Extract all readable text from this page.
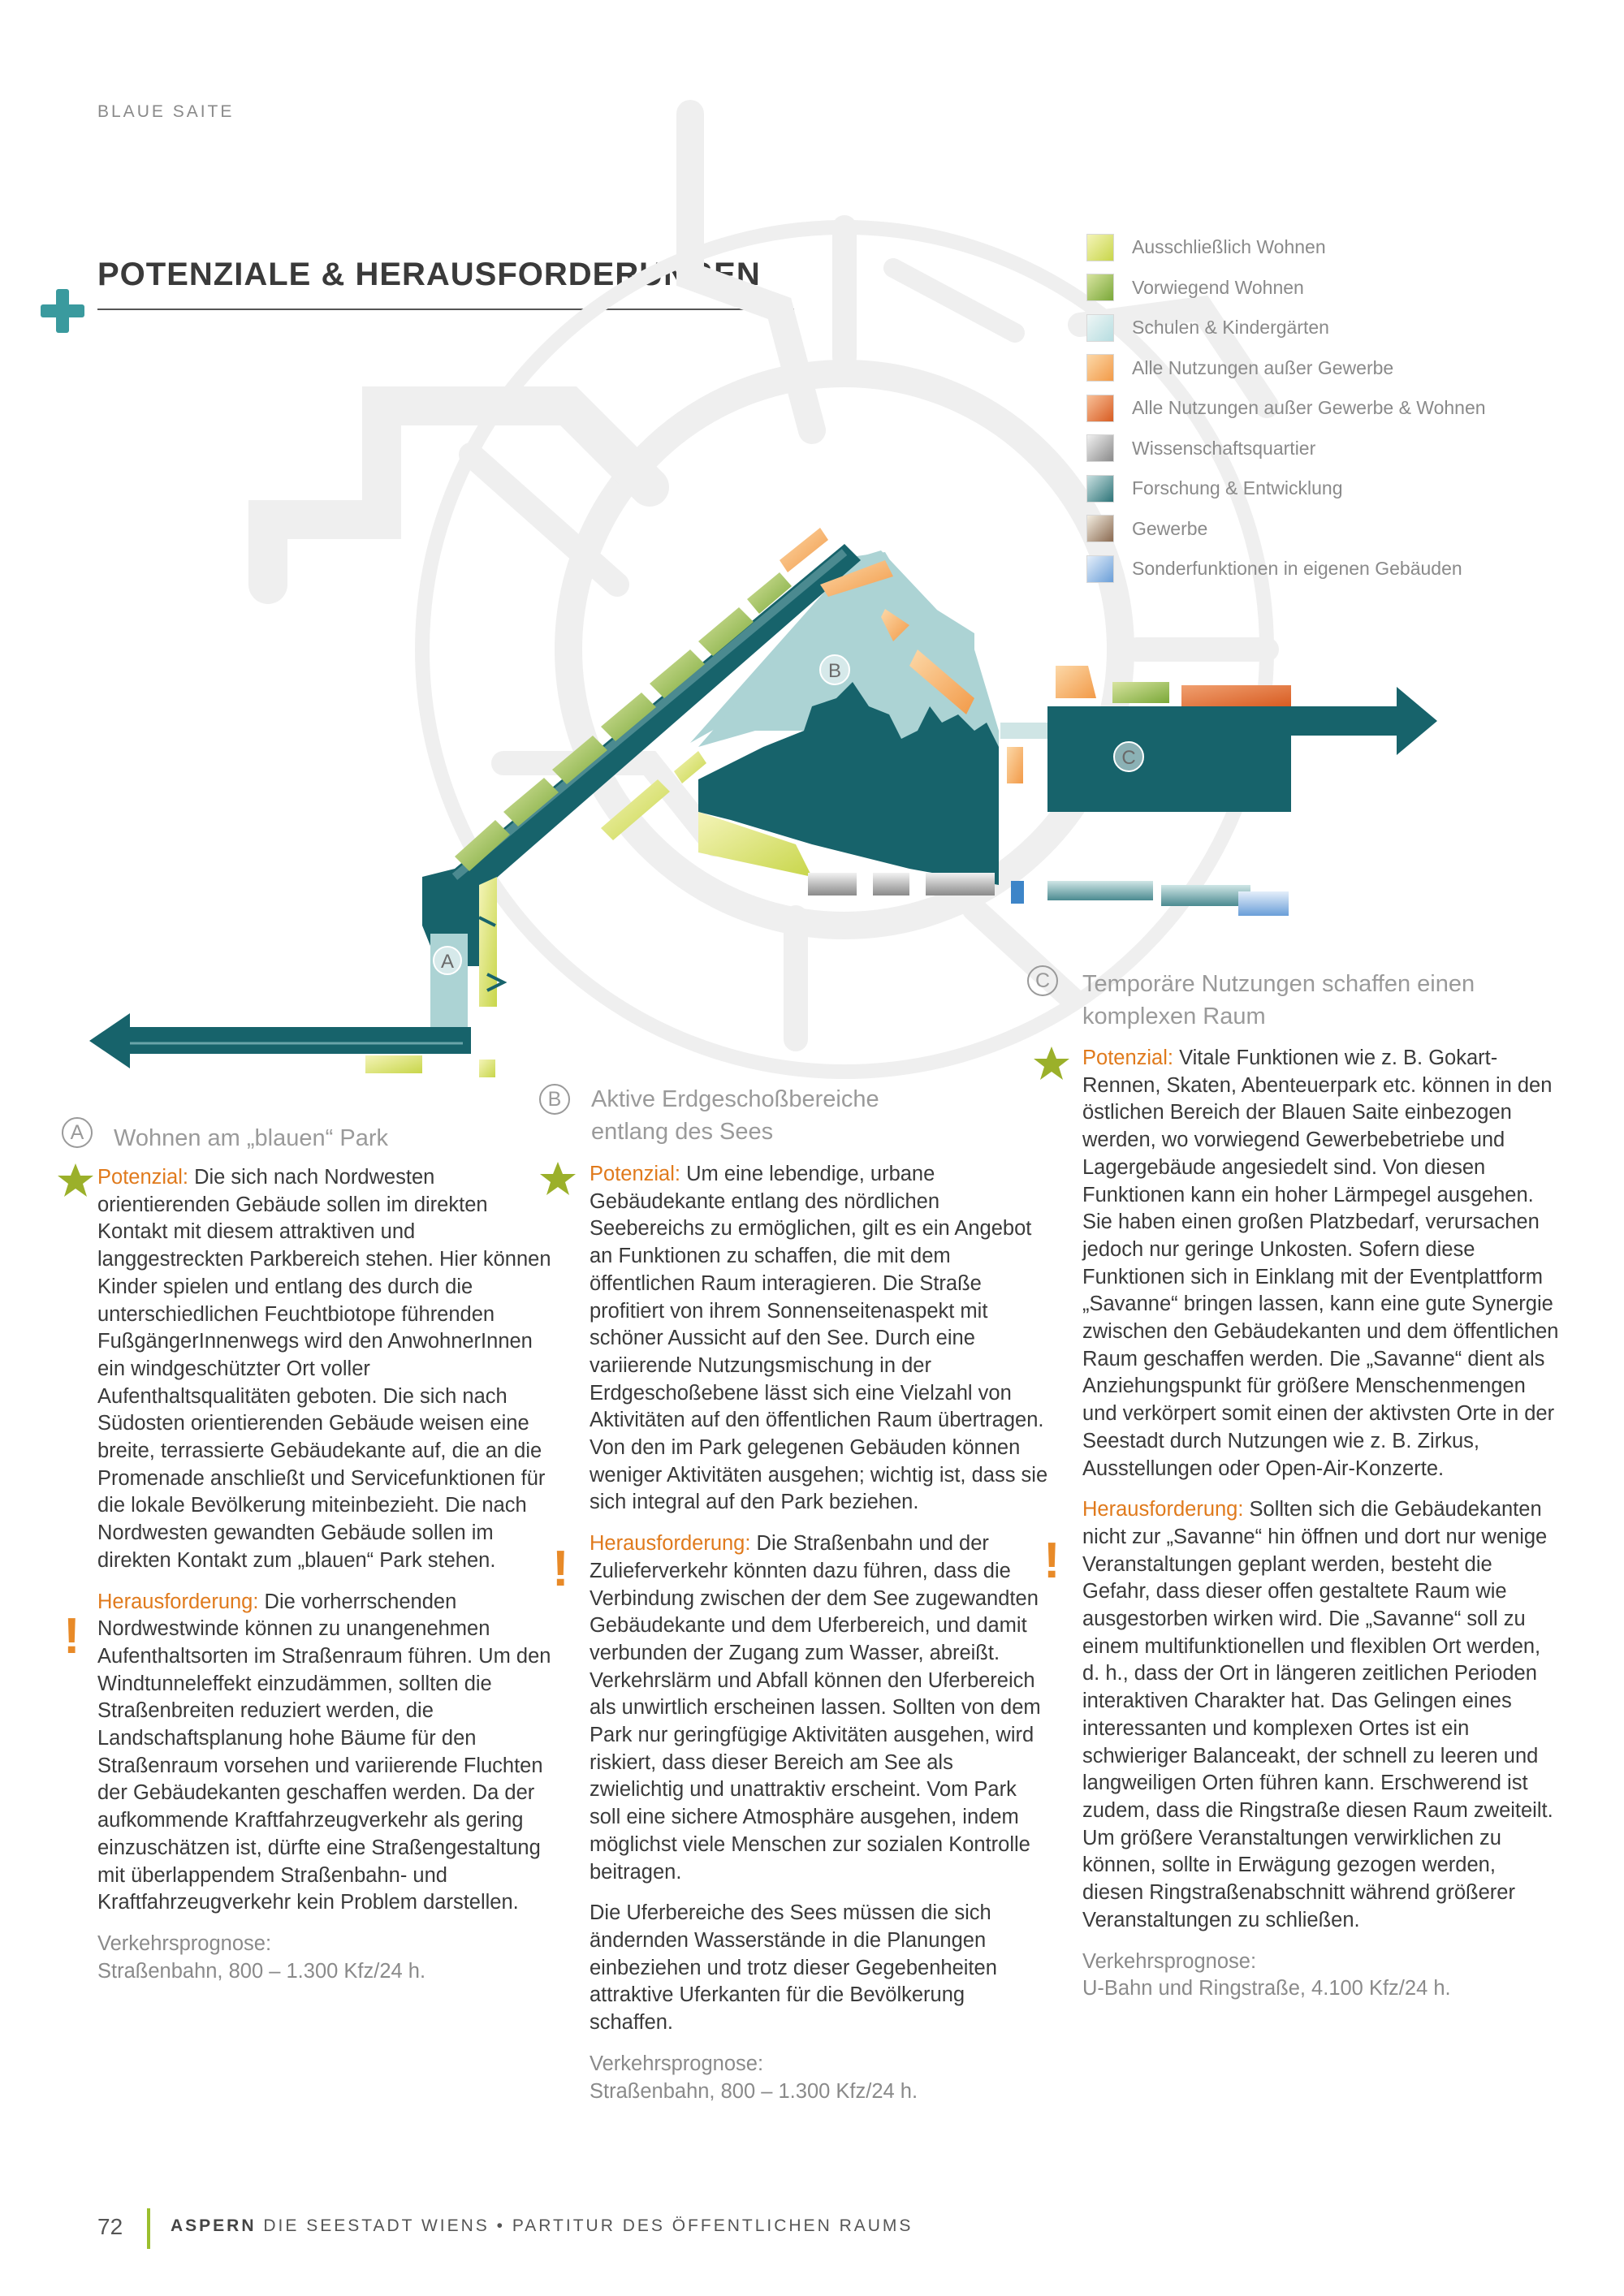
BLAUE SAITE
POTENZIALE & HERAUSFORDERUNGEN
A
B
C
Ausschließlich Wohnen
Vorwiegend Wohnen
Schulen & Kindergärten
Alle Nutzungen außer Gewerbe
Alle Nutzungen außer Gewerbe & Wohnen
Wissenschaftsquartier
Forschung & Entwicklung
Gewerbe
Sonderfunktionen in eigenen Gebäuden
A	Wohnen am „blauen“ Park
!

Potenzial: Die sich nach Nordwesten orientierenden Gebäude sollen im direkten Kontakt mit diesem attraktiven und langgestreckten Parkbereich stehen. Hier können Kinder spielen und entlang des durch die unterschiedlichen Feuchtbiotope führenden FußgängerInnenwegs wird den AnwohnerInnen ein windgeschützter Ort voller Aufenthaltsqualitäten geboten. Die sich nach Südosten orientierenden Gebäude weisen eine breite, terrassierte Gebäudekante auf, die an die Promenade anschließt und Servicefunktionen für die lokale Bevölkerung miteinbezieht. Die nach Nordwesten gewandten Gebäude sollen im direkten Kontakt zum „blauen“ Park stehen.

Herausforderung: Die vorherrschenden Nordwestwinde können zu unangenehmen Aufenthaltsorten im Straßenraum führen. Um den Windtunneleffekt einzudämmen, sollten die Straßenbreiten reduziert werden, die Landschaftsplanung hohe Bäume für den Straßenraum vorsehen und variierende Fluchten der Gebäudekanten geschaffen werden. Da der aufkommende Kraftfahrzeugverkehr als gering einzuschätzen ist, dürfte eine Straßengestaltung mit überlappendem Straßenbahn- und Kraftfahrzeugverkehr kein Problem darstellen.

Verkehrsprognose:
Straßenbahn, 800 – 1.300 Kfz/24 h.
B	Aktive Erdgeschoßbereiche
entlang des Sees
!

Potenzial: Um eine lebendige, urbane Gebäudekante entlang des nördlichen Seebereichs zu ermöglichen, gilt es ein Angebot an Funktionen zu schaffen, die mit dem öffentlichen Raum interagieren. Die Straße profitiert von ihrem Sonnenseitenaspekt mit schöner Aussicht auf den See. Durch eine variierende Nutzungsmischung in der Erdgeschoßebene lässt sich eine Vielzahl von Aktivitäten auf den öffentlichen Raum übertragen. Von den im Park gelegenen Gebäuden können weniger Aktivitäten ausgehen; wichtig ist, dass sie sich integral auf den Park beziehen.

Herausforderung: Die Straßenbahn und der Zulieferverkehr könnten dazu führen, dass die Verbindung zwischen der dem See zugewandten Gebäudekante und dem Uferbereich, und damit verbunden der Zugang zum Wasser, abreißt. Verkehrslärm und Abfall können den Uferbereich als unwirtlich erscheinen lassen. Sollten von dem Park nur geringfügige Aktivitäten ausgehen, wird riskiert, dass dieser Bereich am See als zwielichtig und unattraktiv erscheint. Vom Park soll eine sichere Atmosphäre ausgehen, indem möglichst viele Menschen zur sozialen Kontrolle beitragen.

Die Uferbereiche des Sees müssen die sich ändernden Wasserstände in die Planungen einbeziehen und trotz dieser Gegebenheiten attraktive Uferkanten für die Bevölkerung schaffen.

Verkehrsprognose:
Straßenbahn, 800 – 1.300 Kfz/24 h.
C	Temporäre Nutzungen schaffen einen
komplexen Raum
!

Potenzial: Vitale Funktionen wie z. B. Gokart-Rennen, Skaten, Abenteuerpark etc. können in den östlichen Bereich der Blauen Saite einbezogen werden, wo vorwiegend Gewerbebetriebe und Lagergebäude angesiedelt sind. Von diesen Funktionen kann ein hoher Lärmpegel ausgehen. Sie haben einen großen Platzbedarf, verursachen jedoch nur geringe Unkosten. Sofern diese Funktionen sich in Einklang mit der Eventplattform „Savanne“ bringen lassen, kann eine gute Synergie zwischen den Gebäudekanten und dem öffentlichen Raum geschaffen werden. Die „Savanne“ dient als Anziehungspunkt für größere Menschenmengen und verkörpert somit einen der aktivsten Orte in der Seestadt durch Nutzungen wie z. B. Zirkus, Ausstellungen oder Open-Air-Konzerte.

Herausforderung: Sollten sich die Gebäudekanten nicht zur „Savanne“ hin öffnen und dort nur wenige Veranstaltungen geplant werden, besteht die Gefahr, dass dieser offen gestaltete Raum wie ausgestorben wirken wird. Die „Savanne“ soll zu einem multifunktionellen und flexiblen Ort werden, d. h., dass der Ort in längeren zeitlichen Perioden interaktiven Charakter hat. Das Gelingen eines interessanten und komplexen Ortes ist ein schwieriger Balanceakt, der schnell zu leeren und langweiligen Orten führen kann. Erschwerend ist zudem, dass die Ringstraße diesen Raum zweiteilt. Um größere Veranstaltungen verwirklichen zu können, sollte in Erwägung gezogen werden, diesen Ringstraßenabschnitt während größerer Veranstaltungen zu schließen.

Verkehrsprognose:
U-Bahn und Ringstraße, 4.100 Kfz/24 h.
72	ASPERN DIE SEESTADT WIENS • PARTITUR DES ÖFFENTLICHEN RAUMS
